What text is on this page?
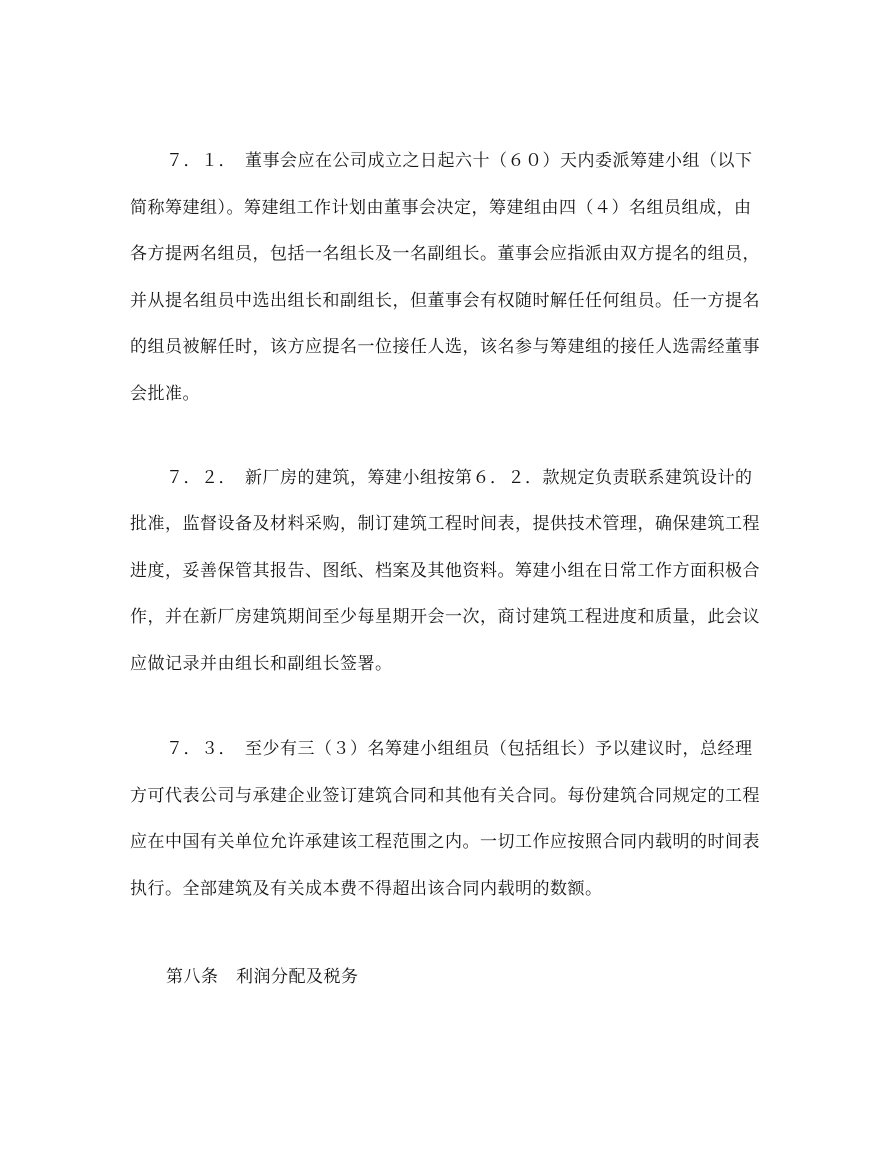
７．１．　董事会应在公司成立之日起六十（６０）天内委派筹建小组（以下
简称筹建组）。筹建组工作计划由董事会决定，筹建组由四（４）名组员组成，由
各方提两名组员，包括一名组长及一名副组长。董事会应指派由双方提名的组员，
并从提名组员中选出组长和副组长，但董事会有权随时解任任何组员。任一方提名
的组员被解任时，该方应提名一位接任人选，该名参与筹建组的接任人选需经董事
会批准。
７．２．　新厂房的建筑，筹建小组按第６．２．款规定负责联系建筑设计的
批准，监督设备及材料采购，制订建筑工程时间表，提供技术管理，确保建筑工程
进度，妥善保管其报告、图纸、档案及其他资料。筹建小组在日常工作方面积极合
作，并在新厂房建筑期间至少每星期开会一次，商讨建筑工程进度和质量，此会议
应做记录并由组长和副组长签署。
７．３．　至少有三（３）名筹建小组组员（包括组长）予以建议时，总经理
方可代表公司与承建企业签订建筑合同和其他有关合同。每份建筑合同规定的工程
应在中国有关单位允许承建该工程范围之内。一切工作应按照合同内载明的时间表
执行。全部建筑及有关成本费不得超出该合同内载明的数额。
第八条　利润分配及税务
